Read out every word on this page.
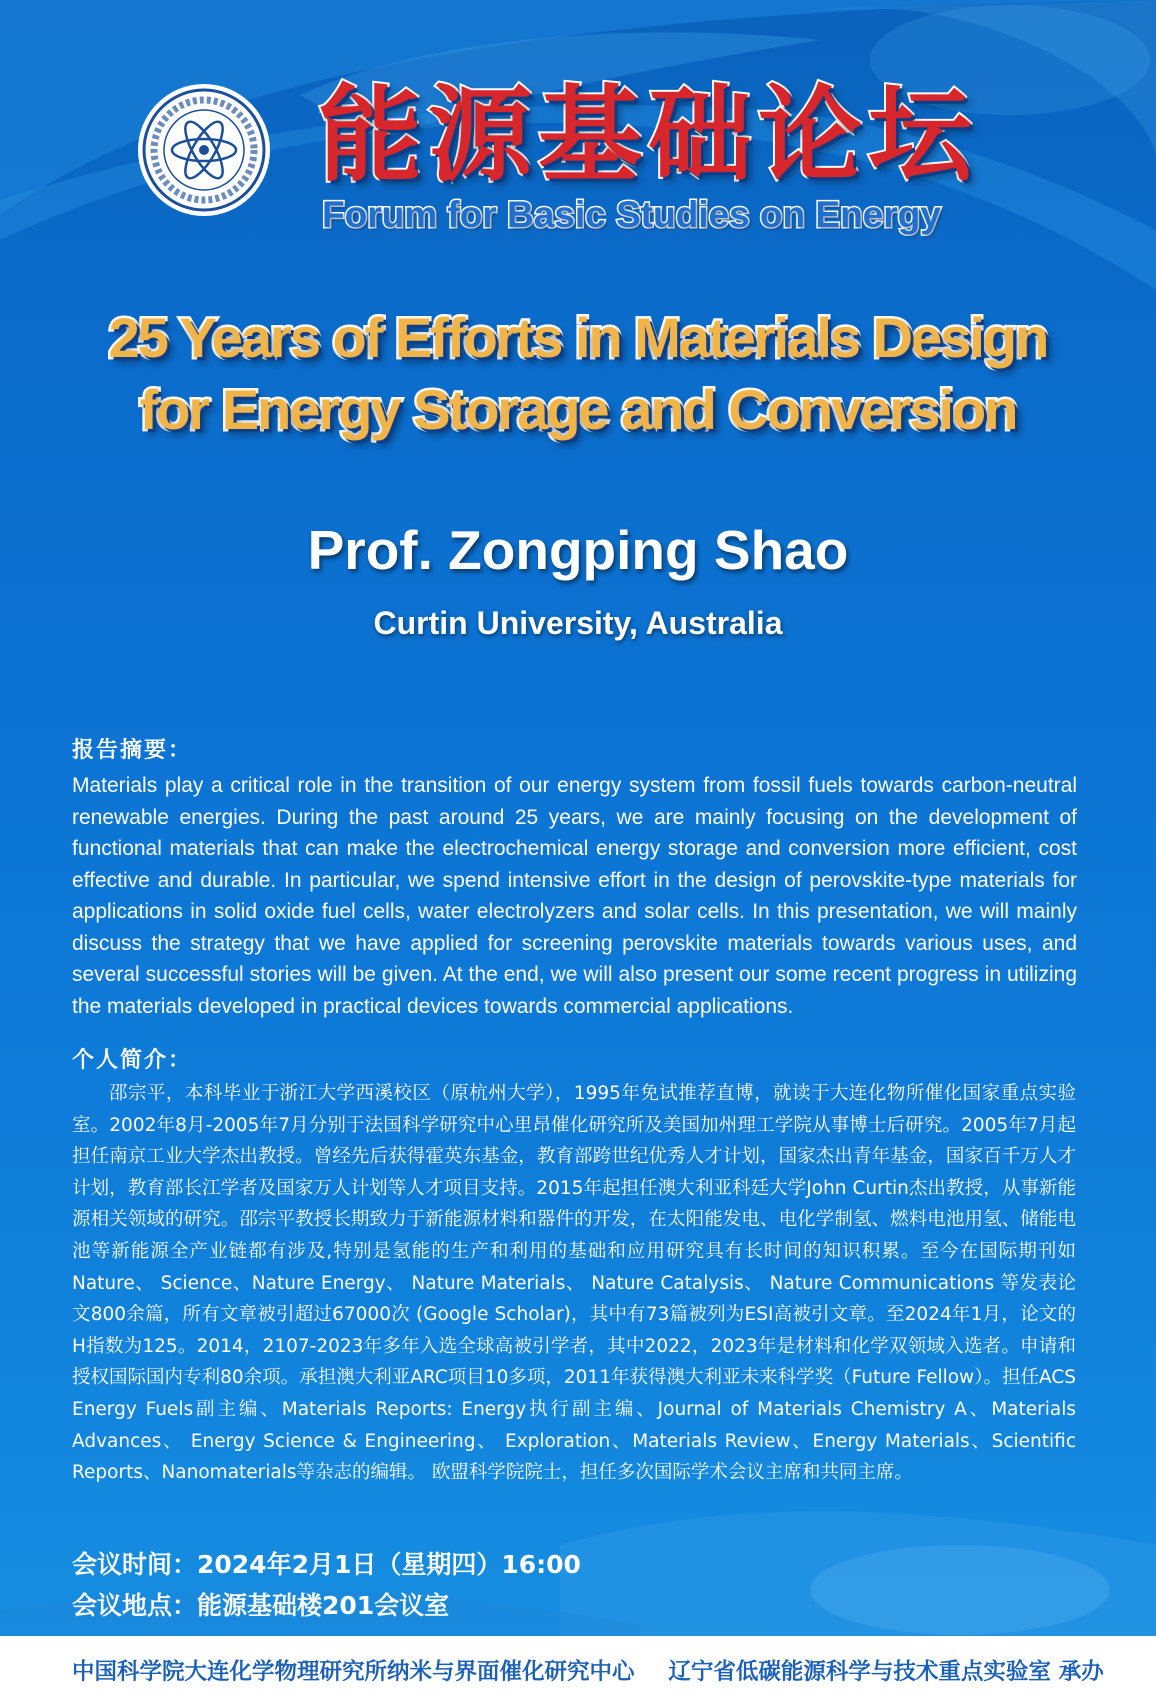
能源基础论坛
Forum for Basic Studies on Energy
25 Years of Efforts in Materials Design
for Energy Storage and Conversion
Prof. Zongping Shao
Curtin University, Australia
报告摘要：

Materials play a critical role in the transition of our energy system from fossil fuels towards carbon-neutral renewable energies. During the past around 25 years, we are mainly focusing on the development of functional materials that can make the electrochemical energy storage and conversion more efficient, cost effective and durable. In particular, we spend intensive effort in the design of perovskite-type materials for applications in solid oxide fuel cells, water electrolyzers and solar cells. In this presentation, we will mainly discuss the strategy that we have applied for screening perovskite materials towards various uses, and several successful stories will be given. At the end, we will also present our some recent progress in utilizing the materials developed in practical devices towards commercial applications.

个人简介：

邵宗平，本科毕业于浙江大学西溪校区（原杭州大学），1995年免试推荐直博，就读于大连化物所催化国家重点实验室。2002年8月-2005年7月分别于法国科学研究中心里昂催化研究所及美国加州理工学院从事博士后研究。2005年7月起担任南京工业大学杰出教授。曾经先后获得霍英东基金，教育部跨世纪优秀人才计划，国家杰出青年基金，国家百千万人才计划，教育部长江学者及国家万人计划等人才项目支持。2015年起担任澳大利亚科廷大学John Curtin杰出教授，从事新能源相关领域的研究。邵宗平教授长期致力于新能源材料和器件的开发，在太阳能发电、电化学制氢、燃料电池用氢、储能电池等新能源全产业链都有涉及,特别是氢能的生产和利用的基础和应用研究具有长时间的知识积累。至今在国际期刊如Nature、 Science、Nature Energy、 Nature Materials、 Nature Catalysis、 Nature Communications 等发表论文800余篇，所有文章被引超过67000次 (Google Scholar)，其中有73篇被列为ESI高被引文章。至2024年1月，论文的H指数为125。2014，2107-2023年多年入选全球高被引学者，其中2022，2023年是材料和化学双领域入选者。申请和授权国际国内专利80余项。承担澳大利亚ARC项目10多项，2011年获得澳大利亚未来科学奖（Future Fellow）。担任ACS Energy Fuels副主编、Materials Reports: Energy执行副主编、Journal of Materials Chemistry A、Materials Advances、 Energy Science & Engineering、 Exploration、Materials Review、Energy Materials、Scientific Reports、Nanomaterials等杂志的编辑。 欧盟科学院院士，担任多次国际学术会议主席和共同主席。

会议时间：2024年2月1日（星期四）16:00
会议地点：能源基础楼201会议室
中国科学院大连化学物理研究所纳米与界面催化研究中心 辽宁省低碳能源科学与技术重点实验室 承办
